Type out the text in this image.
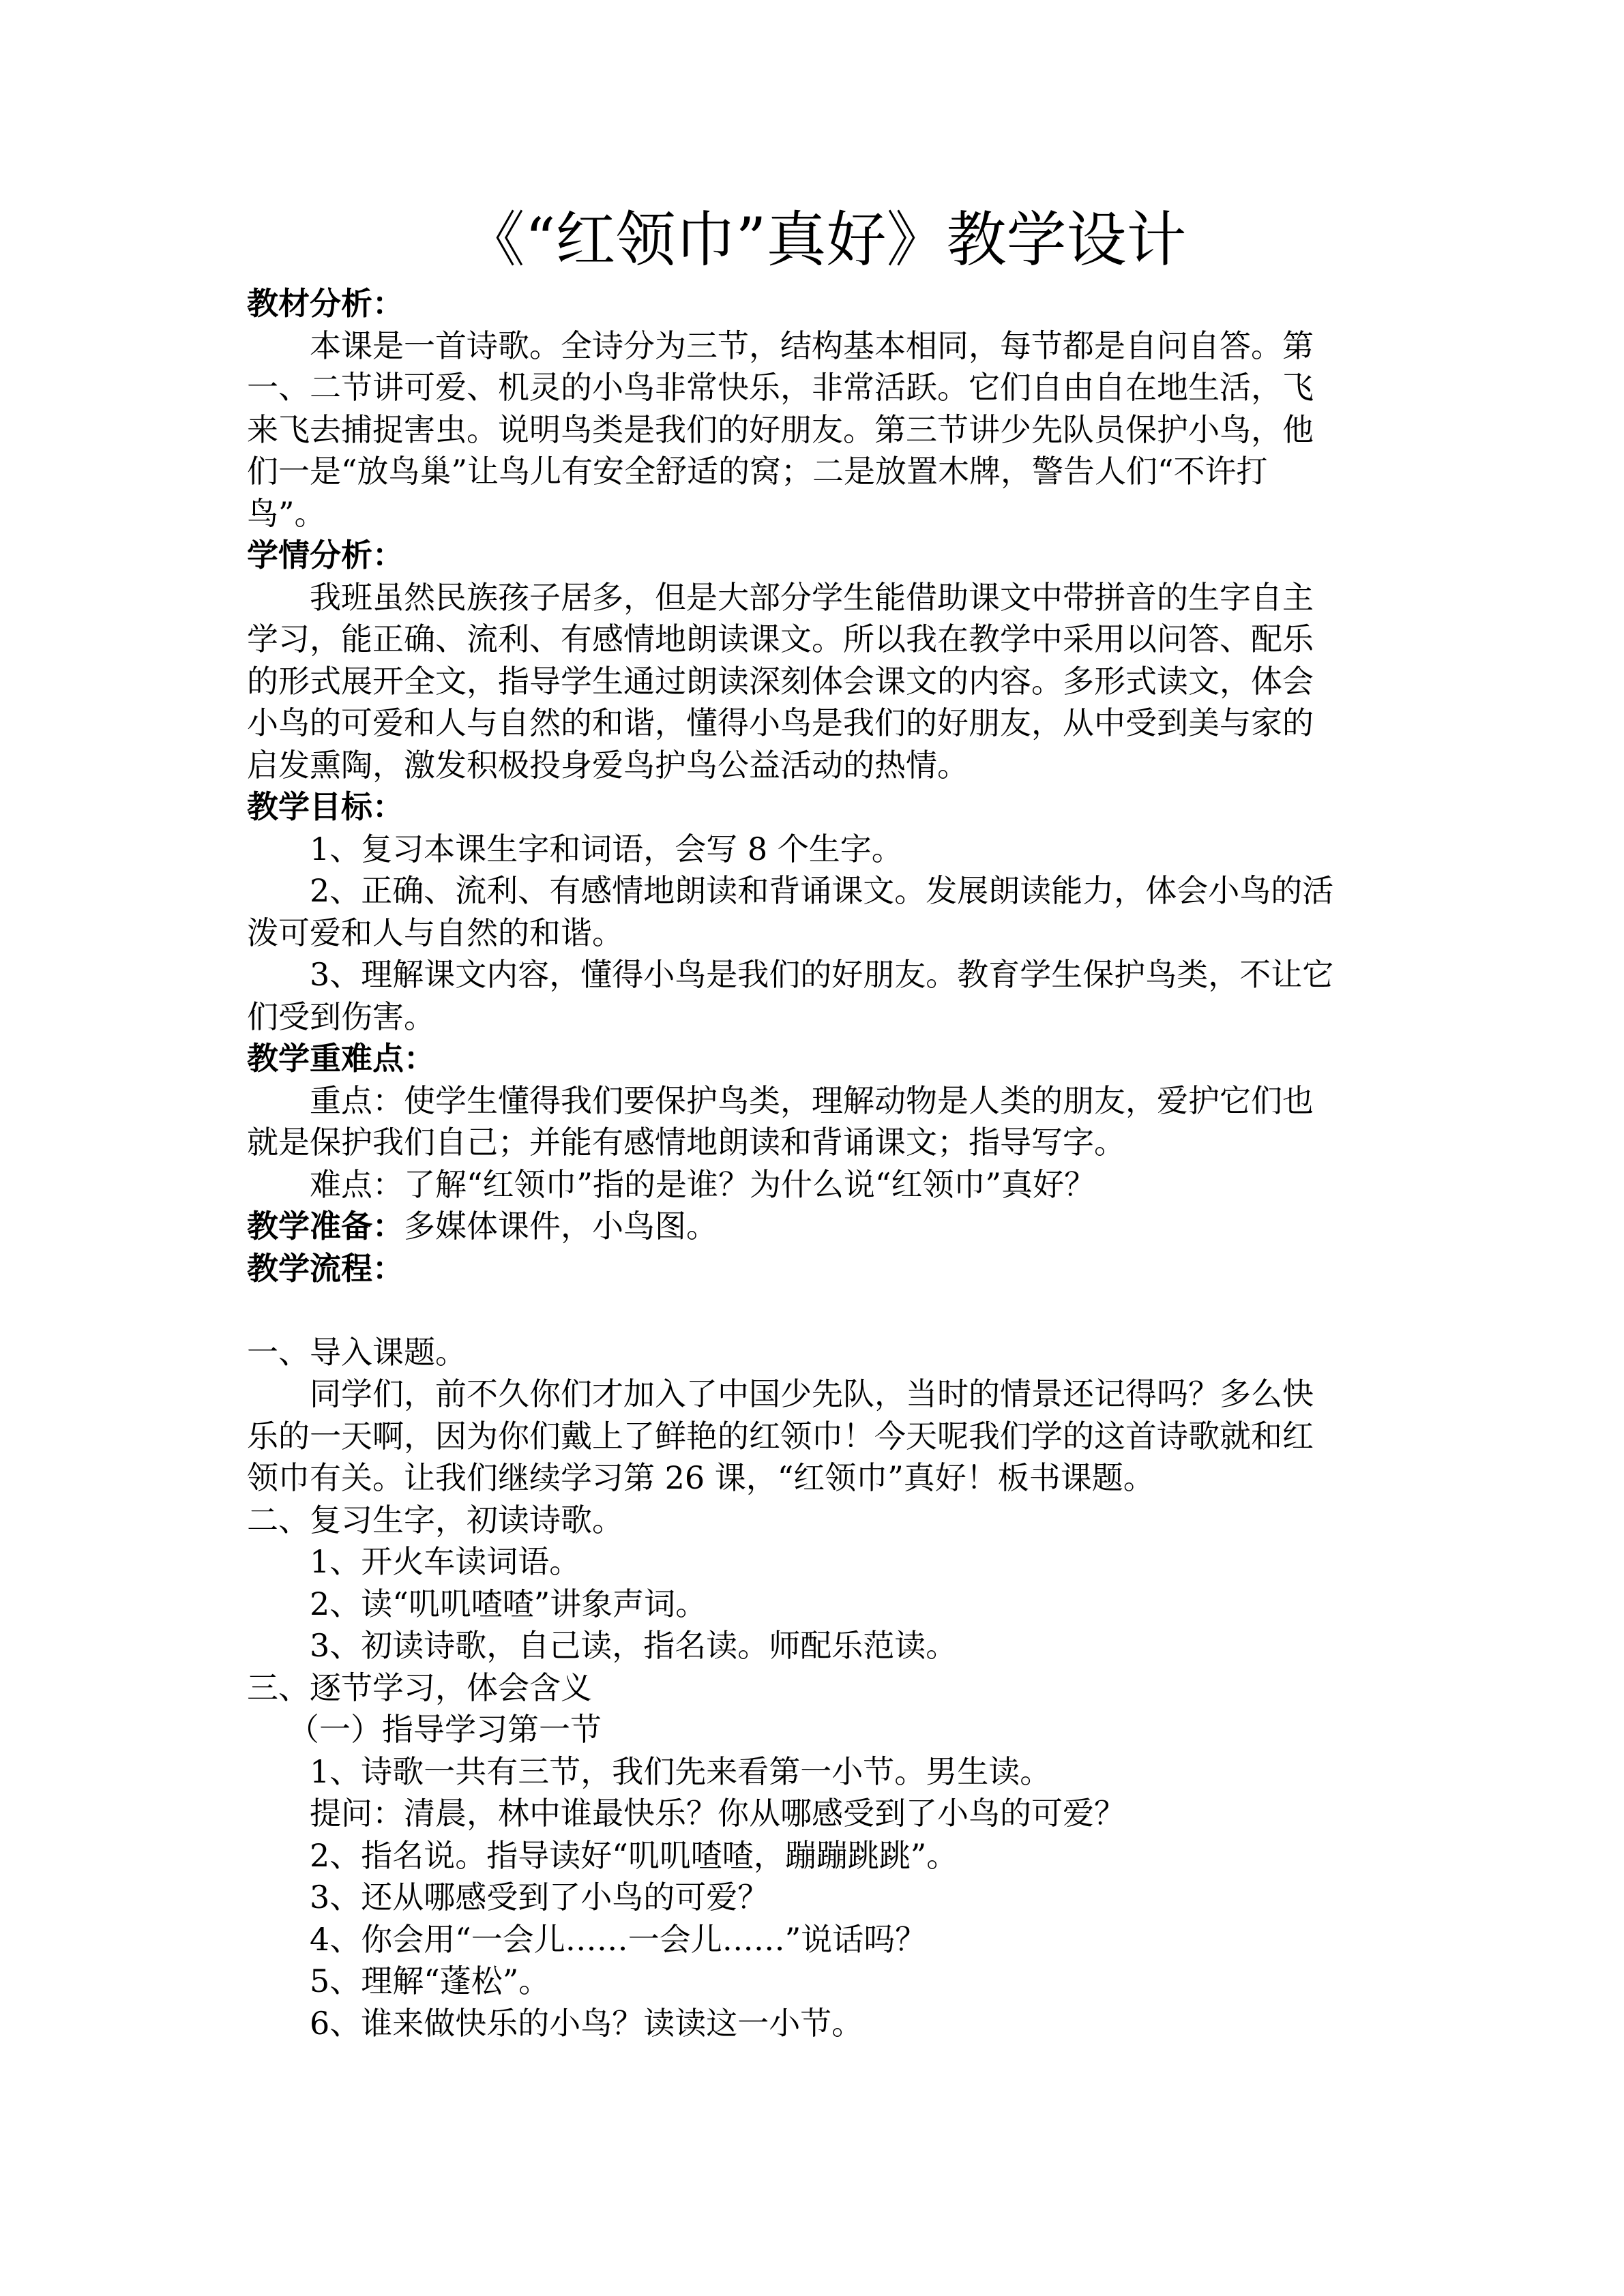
《“红领巾”真好》教学设计
教材分析：
本课是一首诗歌。全诗分为三节，结构基本相同，每节都是自问自答。第
一、二节讲可爱、机灵的小鸟非常快乐，非常活跃。它们自由自在地生活，飞
来飞去捕捉害虫。说明鸟类是我们的好朋友。第三节讲少先队员保护小鸟，他
们一是“放鸟巢”让鸟儿有安全舒适的窝；二是放置木牌，警告人们“不许打
鸟”。
学情分析：
我班虽然民族孩子居多，但是大部分学生能借助课文中带拼音的生字自主
学习，能正确、流利、有感情地朗读课文。所以我在教学中采用以问答、配乐
的形式展开全文，指导学生通过朗读深刻体会课文的内容。多形式读文，体会
小鸟的可爱和人与自然的和谐，懂得小鸟是我们的好朋友，从中受到美与家的
启发熏陶，激发积极投身爱鸟护鸟公益活动的热情。
教学目标：
1、复习本课生字和词语，会写 8 个生字。
2、正确、流利、有感情地朗读和背诵课文。发展朗读能力，体会小鸟的活
泼可爱和人与自然的和谐。
3、理解课文内容，懂得小鸟是我们的好朋友。教育学生保护鸟类，不让它
们受到伤害。
教学重难点：
重点：使学生懂得我们要保护鸟类，理解动物是人类的朋友，爱护它们也
就是保护我们自己；并能有感情地朗读和背诵课文；指导写字。
难点：了解“红领巾”指的是谁？为什么说“红领巾”真好？
教学准备：多媒体课件，小鸟图。
教学流程：
一、导入课题。
同学们，前不久你们才加入了中国少先队，当时的情景还记得吗？多么快
乐的一天啊，因为你们戴上了鲜艳的红领巾！今天呢我们学的这首诗歌就和红
领巾有关。让我们继续学习第 26 课，“红领巾”真好！板书课题。
二、复习生字，初读诗歌。
1、开火车读词语。
2、读“叽叽喳喳”讲象声词。
3、初读诗歌，自己读，指名读。师配乐范读。
三、逐节学习，体会含义
（一）指导学习第一节
1、诗歌一共有三节，我们先来看第一小节。男生读。
提问：清晨，林中谁最快乐？你从哪感受到了小鸟的可爱？
2、指名说。指导读好“叽叽喳喳，蹦蹦跳跳”。
3、还从哪感受到了小鸟的可爱？
4、你会用“一会儿……一会儿……”说话吗？
5、理解“蓬松”。
6、谁来做快乐的小鸟？读读这一小节。
